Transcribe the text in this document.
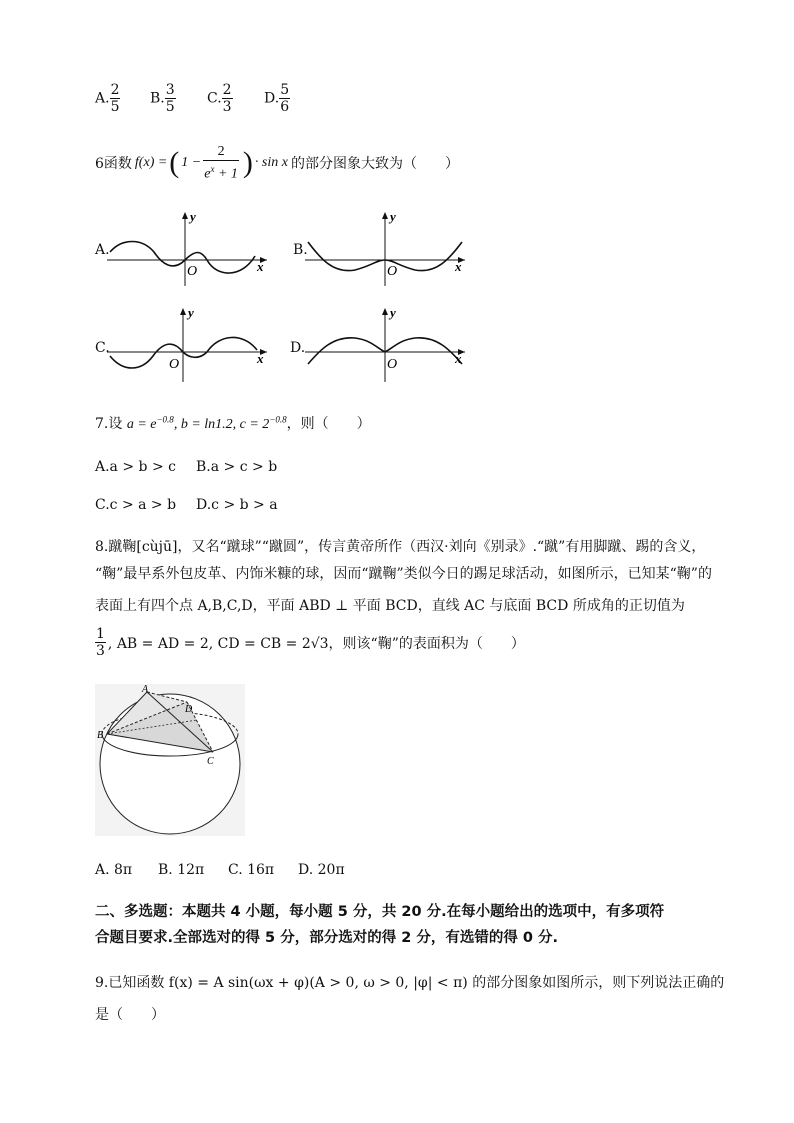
A. $\frac{2}{5} B$. $\frac{3}{5} C$. $\frac{2}{3} D$. $\frac{5}{6}$
6函数 f(x) = ( $1 - \frac{2}{e^x + 1}$ ) · sin x 的部分图象大致为（　　）
A.	B.
C.	D.
y
x
O
y
x
O
y
x
O
y
x
O
7.设 $a = e^{-0.8}$, b = ln1.2, $c = 2^{-0.8}$，则（　　）
A.a > b > c B.a > c > b
C.c > a > b D.c > b > a
8.蹴鞠[cùjū]，又名“蹴球”“蹴圆”，传言黄帝所作（西汉·刘向《别录》.“蹴”有用脚蹴、踢的含义，
“鞠”最早系外包皮革、内饰米糠的球，因而“蹴鞠”类似今日的踢足球活动，如图所示，已知某“鞠”的
表面上有四个点 A,B,C,D，平面 ABD ⊥ 平面 BCD，直线 AC 与底面 BCD 所成角的正切值为
$\frac{1}{3}$ , AB = AD = 2, CD = CB = 2√3，则该“鞠”的表面积为（　　）
A
B
C
D
A. 8π B. 12π C. 16π D. 20π
二、多选题：本题共 4 小题，每小题 5 分，共 20 分.在每小题给出的选项中，有多项符
合题目要求.全部选对的得 5 分，部分选对的得 2 分，有选错的得 0 分.
9.已知函数 f(x) = A sin(ωx + φ)(A > 0, ω > 0, |φ| < π) 的部分图象如图所示，则下列说法正确的
是（　　）
